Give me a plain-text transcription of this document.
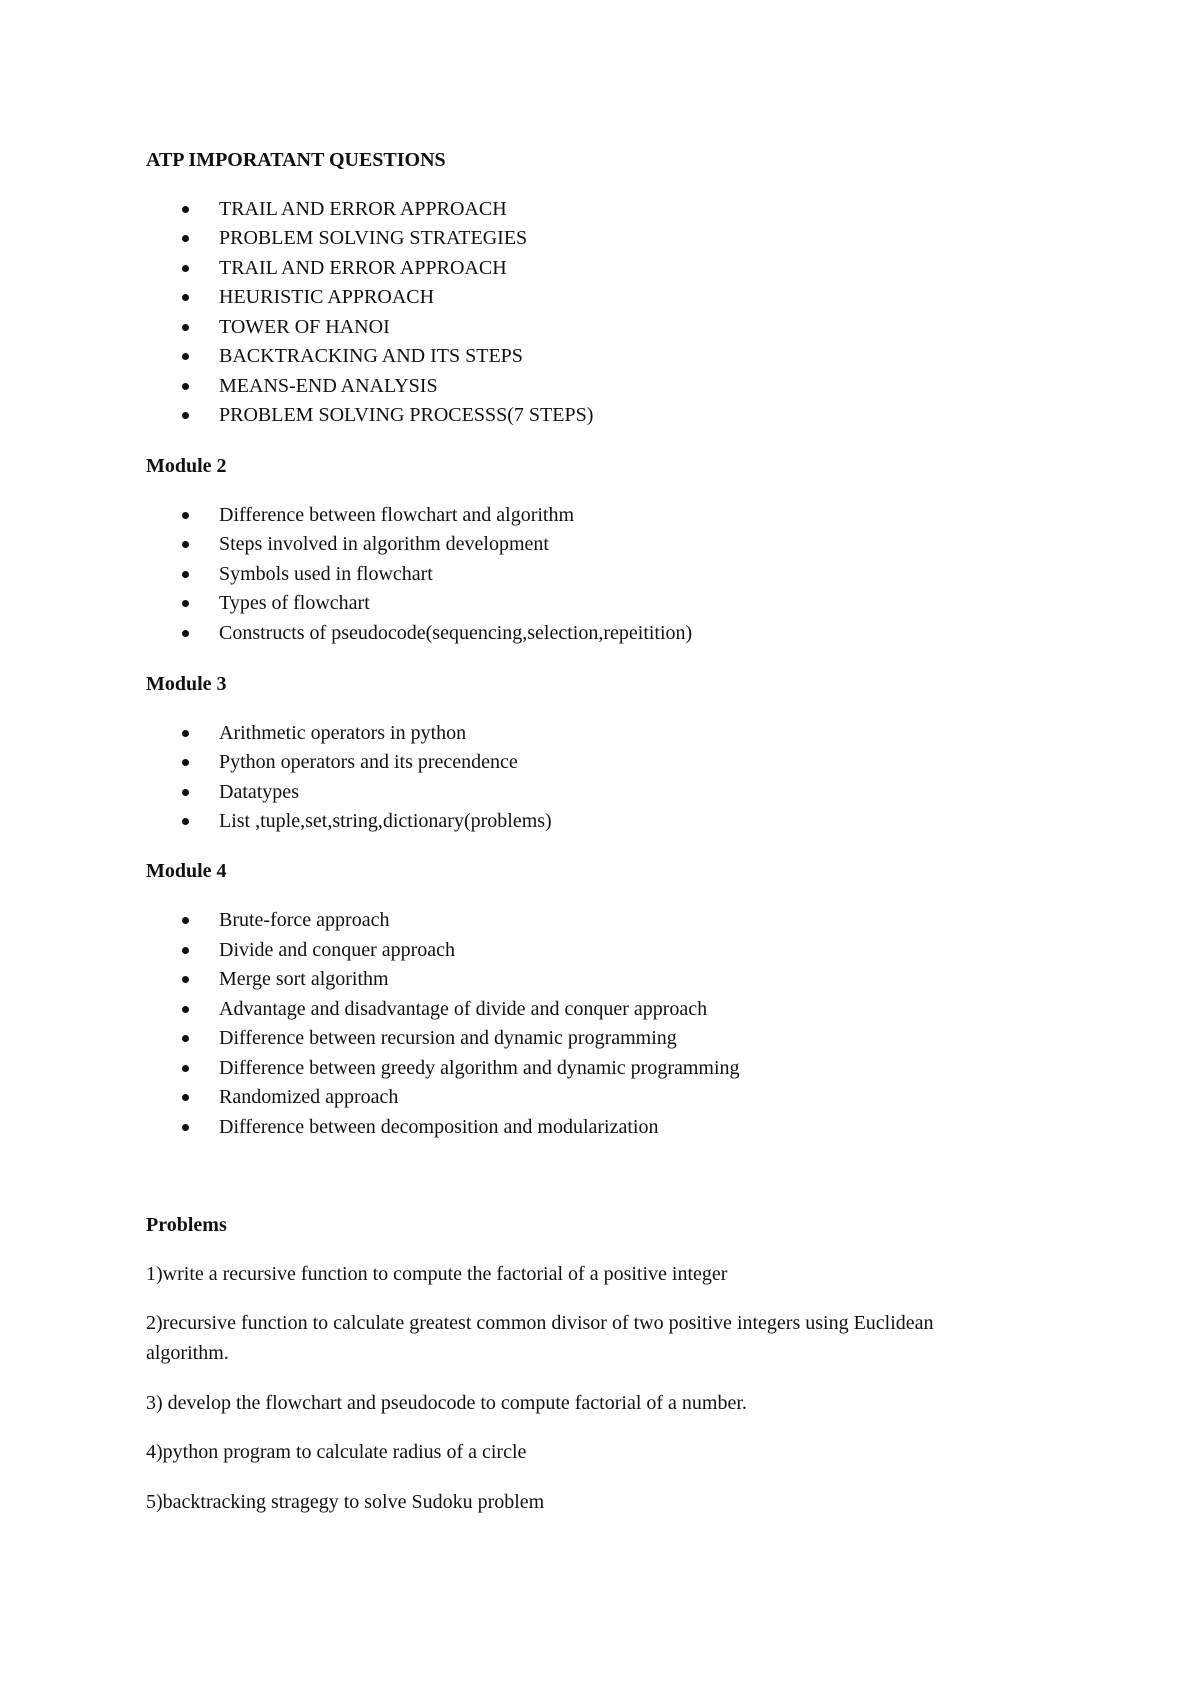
ATP IMPORATANT QUESTIONS
TRAIL AND ERROR APPROACH
PROBLEM SOLVING STRATEGIES
TRAIL AND ERROR APPROACH
HEURISTIC APPROACH
TOWER OF HANOI
BACKTRACKING AND ITS STEPS
MEANS-END ANALYSIS
PROBLEM SOLVING PROCESSS(7 STEPS)
Module 2
Difference between flowchart and algorithm
Steps involved in algorithm development
Symbols used in flowchart
Types of flowchart
Constructs of pseudocode(sequencing,selection,repeitition)
Module 3
Arithmetic operators in python
Python operators and its precendence
Datatypes
List ,tuple,set,string,dictionary(problems)
Module 4
Brute-force approach
Divide and conquer approach
Merge sort algorithm
Advantage and disadvantage of divide and conquer approach
Difference between recursion and dynamic programming
Difference between greedy algorithm and dynamic programming
Randomized approach
Difference between decomposition and modularization
Problems
1)write a recursive function to compute the factorial of a positive integer
2)recursive function to calculate greatest common divisor of two positive integers using Euclidean
algorithm.
3) develop the flowchart and pseudocode to compute factorial of a number.
4)python program to calculate radius of a circle
5)backtracking stragegy to solve Sudoku problem
